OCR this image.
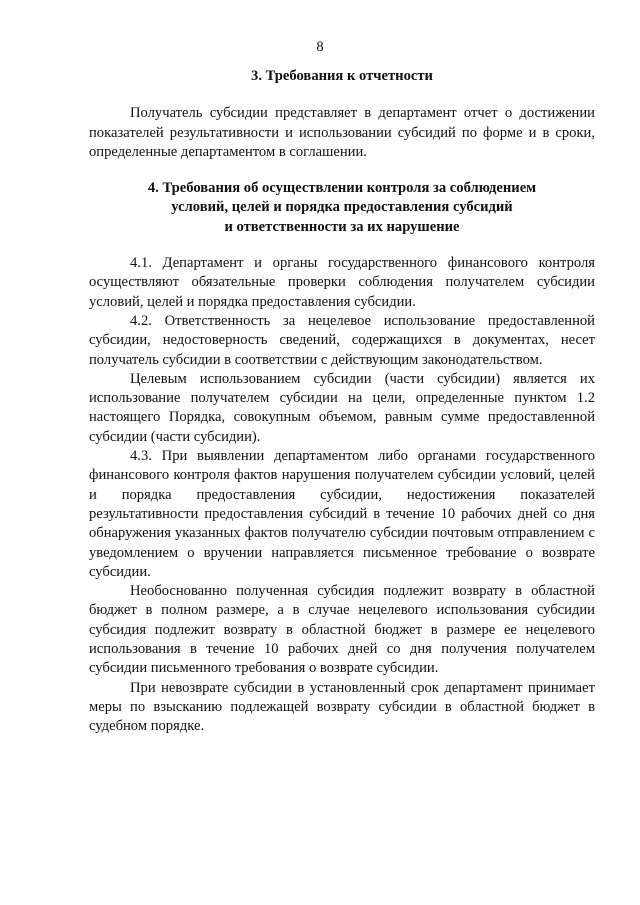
8
3. Требования к отчетности

Получатель субсидии представляет в департамент отчет о достижении показателей результативности и использовании субсидий по форме и в сроки, определенные департаментом в соглашении.

4. Требования об осуществлении контроля за соблюдением
условий, целей и порядка предоставления субсидий
и ответственности за их нарушение

4.1. Департамент и органы государственного финансового контроля осуществляют обязательные проверки соблюдения получателем субсидии условий, целей и порядка предоставления субсидии.

4.2. Ответственность за нецелевое использование предоставленной субсидии, недостоверность сведений, содержащихся в документах, несет получатель субсидии в соответствии с действующим законодательством.

Целевым использованием субсидии (части субсидии) является их использование получателем субсидии на цели, определенные пунктом 1.2 настоящего Порядка, совокупным объемом, равным сумме предоставленной субсидии (части субсидии).

4.3. При выявлении департаментом либо органами государственного финансового контроля фактов нарушения получателем субсидии условий, целей и порядка предоставления субсидии, недостижения показателей результативности предоставления субсидий в течение 10 рабочих дней со дня обнаружения указанных фактов получателю субсидии почтовым отправлением с уведомлением о вручении направляется письменное требование о возврате субсидии.

Необоснованно полученная субсидия подлежит возврату в областной бюджет в полном размере, а в случае нецелевого использования субсидии субсидия подлежит возврату в областной бюджет в размере ее нецелевого использования в течение 10 рабочих дней со дня получения получателем субсидии письменного требования о возврате субсидии.

При невозврате субсидии в установленный срок департамент принимает меры по взысканию подлежащей возврату субсидии в областной бюджет в судебном порядке.
